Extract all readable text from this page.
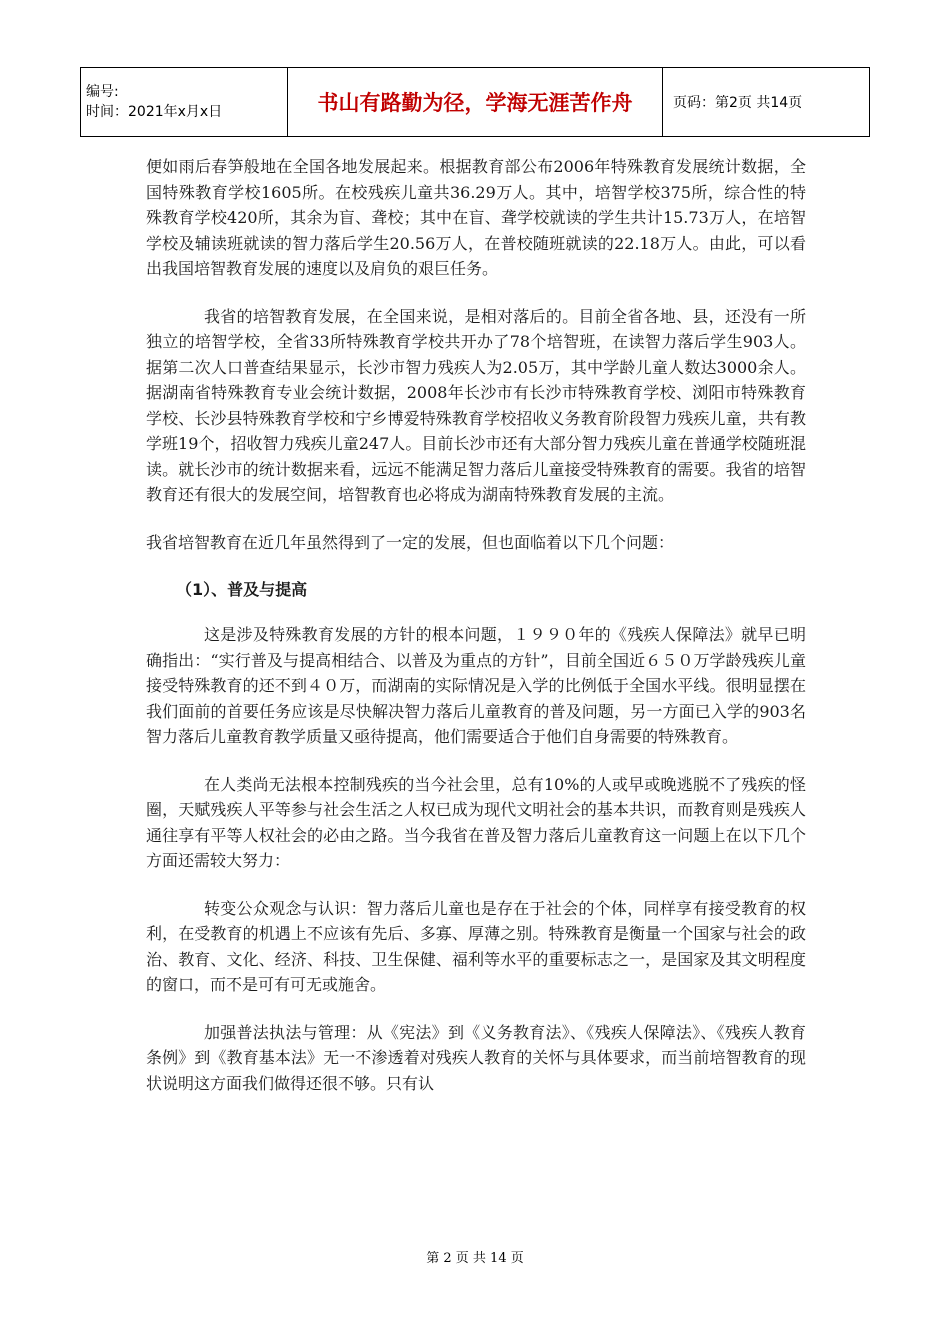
编号:
时间：2021年x月x日	书山有路勤为径，学海无涯苦作舟	页码：第2页 共14页

便如雨后春笋般地在全国各地发展起来。根据教育部公布2006年特殊教育发展统计数据，全国特殊教育学校1605所。在校残疾儿童共36.29万人。其中，培智学校375所，综合性的特殊教育学校420所，其余为盲、聋校；其中在盲、聋学校就读的学生共计15.73万人，在培智学校及辅读班就读的智力落后学生20.56万人，在普校随班就读的22.18万人。由此，可以看出我国培智教育发展的速度以及肩负的艰巨任务。

我省的培智教育发展，在全国来说，是相对落后的。目前全省各地、县，还没有一所独立的培智学校，全省33所特殊教育学校共开办了78个培智班，在读智力落后学生903人。据第二次人口普查结果显示，长沙市智力残疾人为2.05万，其中学龄儿童人数达3000余人。据湖南省特殊教育专业会统计数据，2008年长沙市有长沙市特殊教育学校、浏阳市特殊教育学校、长沙县特殊教育学校和宁乡博爱特殊教育学校招收义务教育阶段智力残疾儿童，共有教学班19个，招收智力残疾儿童247人。目前长沙市还有大部分智力残疾儿童在普通学校随班混读。就长沙市的统计数据来看，远远不能满足智力落后儿童接受特殊教育的需要。我省的培智教育还有很大的发展空间，培智教育也必将成为湖南特殊教育发展的主流。

我省培智教育在近几年虽然得到了一定的发展，但也面临着以下几个问题：

（1）、普及与提高

这是涉及特殊教育发展的方针的根本问题，１９９０年的《残疾人保障法》就早已明确指出：“实行普及与提高相结合、以普及为重点的方针”，目前全国近６５０万学龄残疾儿童接受特殊教育的还不到４０万，而湖南的实际情况是入学的比例低于全国水平线。很明显摆在我们面前的首要任务应该是尽快解决智力落后儿童教育的普及问题，另一方面已入学的903名智力落后儿童教育教学质量又亟待提高，他们需要适合于他们自身需要的特殊教育。

在人类尚无法根本控制残疾的当今社会里，总有10%的人或早或晚逃脱不了残疾的怪圈，天赋残疾人平等参与社会生活之人权已成为现代文明社会的基本共识，而教育则是残疾人通往享有平等人权社会的必由之路。当今我省在普及智力落后儿童教育这一问题上在以下几个方面还需较大努力：

转变公众观念与认识：智力落后儿童也是存在于社会的个体，同样享有接受教育的权利，在受教育的机遇上不应该有先后、多寡、厚薄之别。特殊教育是衡量一个国家与社会的政治、教育、文化、经济、科技、卫生保健、福利等水平的重要标志之一，是国家及其文明程度的窗口，而不是可有可无或施舍。

加强普法执法与管理：从《宪法》到《义务教育法》、《残疾人保障法》、《残疾人教育条例》到《教育基本法》无一不渗透着对残疾人教育的关怀与具体要求，而当前培智教育的现状说明这方面我们做得还很不够。只有认

第 2 页 共 14 页
